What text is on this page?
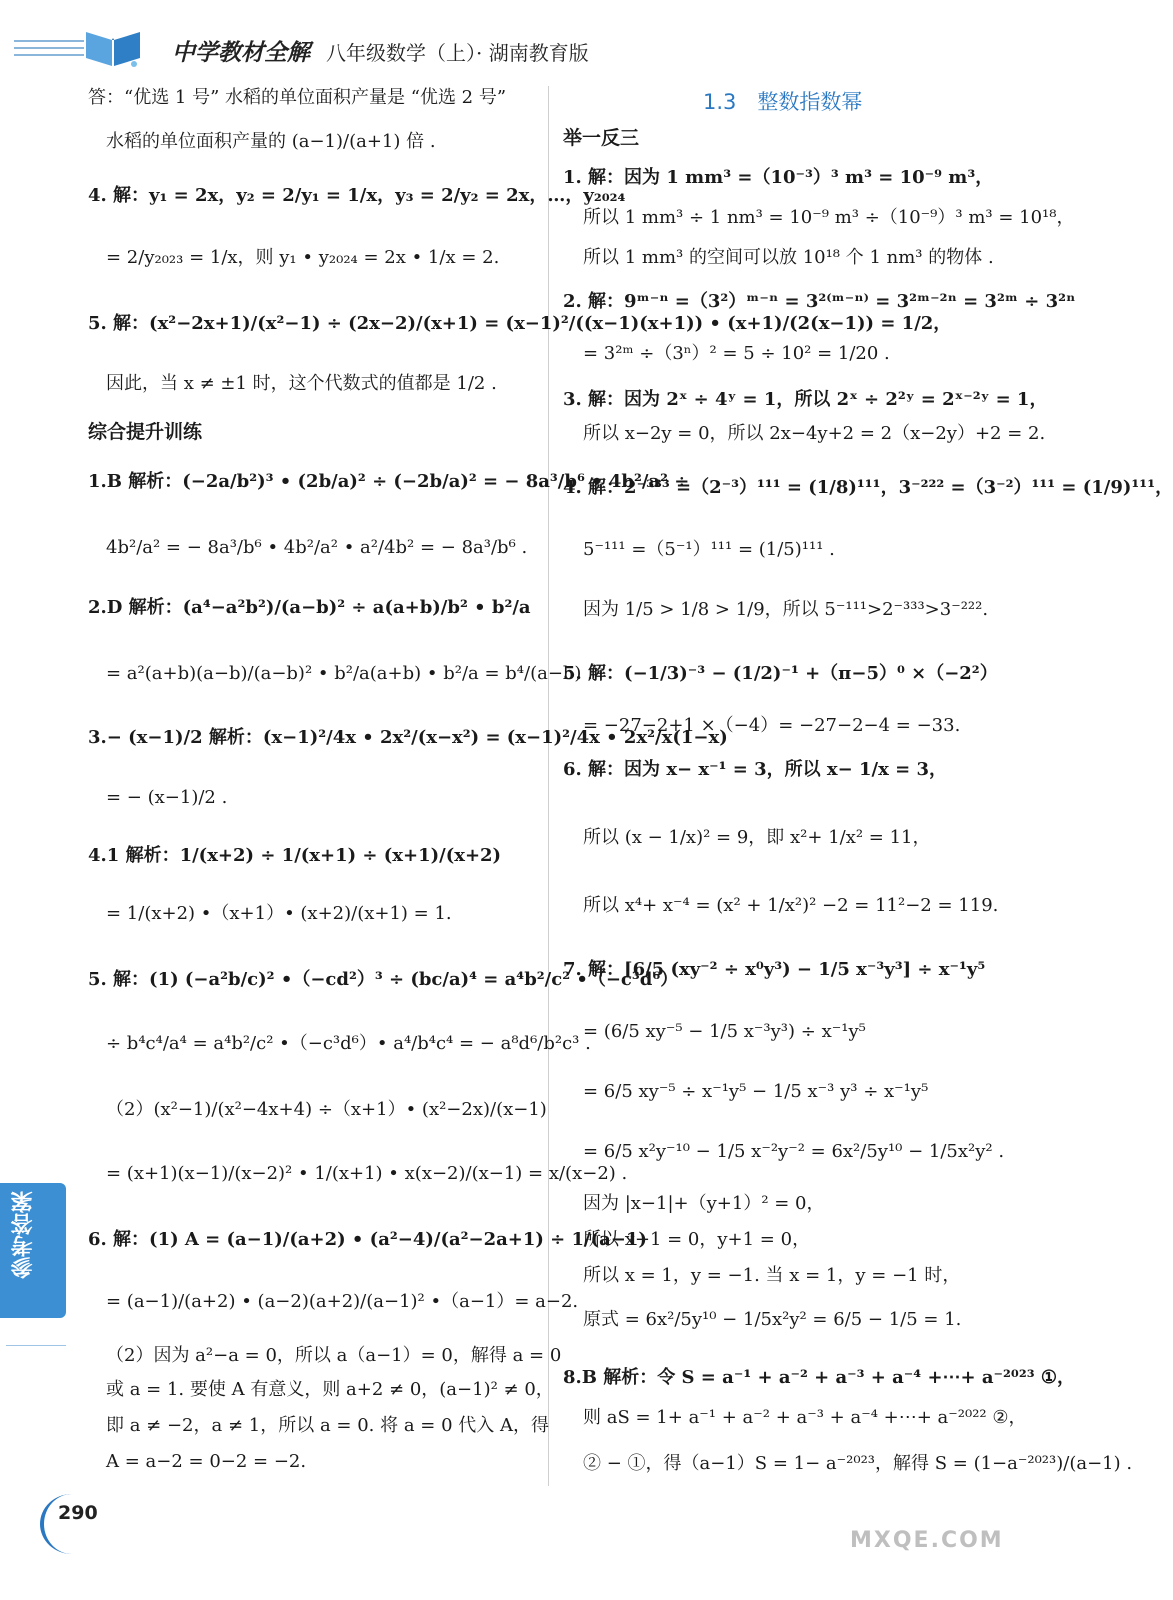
中学教材全解 八年级数学（上）· 湖南教育版
答：“优选 1 号” 水稻的单位面积产量是 “优选 2 号”
水稻的单位面积产量的 (a−1)/(a+1) 倍 .
4. 解：y₁ = 2x，y₂ = 2/y₁ = 1/x，y₃ = 2/y₂ = 2x，…，y₂₀₂₄
= 2/y₂₀₂₃ = 1/x，则 y₁ • y₂₀₂₄ = 2x • 1/x = 2.
5. 解：(x²−2x+1)/(x²−1) ÷ (2x−2)/(x+1) = (x−1)²/((x−1)(x+1)) • (x+1)/(2(x−1)) = 1/2，
因此，当 x ≠ ±1 时，这个代数式的值都是 1/2 .
综合提升训练
1.B 解析：(−2a/b²)³ • (2b/a)² ÷ (−2b/a)² = − 8a³/b⁶ • 4b²/a² ÷
4b²/a² = − 8a³/b⁶ • 4b²/a² • a²/4b² = − 8a³/b⁶ .
2.D 解析：(a⁴−a²b²)/(a−b)² ÷ a(a+b)/b² • b²/a
= a²(a+b)(a−b)/(a−b)² • b²/a(a+b) • b²/a = b⁴/(a−b) .
3.− (x−1)/2 解析：(x−1)²/4x • 2x²/(x−x²) = (x−1)²/4x • 2x²/x(1−x)
= − (x−1)/2 .
4.1 解析：1/(x+2) ÷ 1/(x+1) ÷ (x+1)/(x+2)
= 1/(x+2) •（x+1）• (x+2)/(x+1) = 1.
5. 解：(1) (−a²b/c)² •（−cd²）³ ÷ (bc/a)⁴ = a⁴b²/c² •（−c³d⁶）
÷ b⁴c⁴/a⁴ = a⁴b²/c² •（−c³d⁶）• a⁴/b⁴c⁴ = − a⁸d⁶/b²c³ .
（2）(x²−1)/(x²−4x+4) ÷（x+1）• (x²−2x)/(x−1)
= (x+1)(x−1)/(x−2)² • 1/(x+1) • x(x−2)/(x−1) = x/(x−2) .
6. 解：(1) A = (a−1)/(a+2) • (a²−4)/(a²−2a+1) ÷ 1/(a−1)
= (a−1)/(a+2) • (a−2)(a+2)/(a−1)² •（a−1）= a−2.
（2）因为 a²−a = 0，所以 a（a−1）= 0，解得 a = 0
或 a = 1. 要使 A 有意义，则 a+2 ≠ 0，(a−1)² ≠ 0，
即 a ≠ −2，a ≠ 1，所以 a = 0. 将 a = 0 代入 A，得
A = a−2 = 0−2 = −2.
1.3　整数指数幂
举一反三
1. 解：因为 1 mm³ =（10⁻³）³ m³ = 10⁻⁹ m³，
所以 1 mm³ ÷ 1 nm³ = 10⁻⁹ m³ ÷（10⁻⁹）³ m³ = 10¹⁸，
所以 1 mm³ 的空间可以放 10¹⁸ 个 1 nm³ 的物体 .
2. 解：9ᵐ⁻ⁿ =（3²）ᵐ⁻ⁿ = 3²⁽ᵐ⁻ⁿ⁾ = 3²ᵐ⁻²ⁿ = 3²ᵐ ÷ 3²ⁿ
= 3²ᵐ ÷（3ⁿ）² = 5 ÷ 10² = 1/20 .
3. 解：因为 2ˣ ÷ 4ʸ = 1，所以 2ˣ ÷ 2²ʸ = 2ˣ⁻²ʸ = 1，
所以 x−2y = 0，所以 2x−4y+2 = 2（x−2y）+2 = 2.
4. 解：2⁻³³³ =（2⁻³）¹¹¹ = (1/8)¹¹¹，3⁻²²² =（3⁻²）¹¹¹ = (1/9)¹¹¹，
5⁻¹¹¹ =（5⁻¹）¹¹¹ = (1/5)¹¹¹ .
因为 1/5 > 1/8 > 1/9，所以 5⁻¹¹¹>2⁻³³³>3⁻²²².
5. 解：(−1/3)⁻³ − (1/2)⁻¹ +（π−5）⁰ ×（−2²）
= −27−2+1 ×（−4）= −27−2−4 = −33.
6. 解：因为 x− x⁻¹ = 3，所以 x− 1/x = 3，
所以 (x − 1/x)² = 9，即 x²+ 1/x² = 11，
所以 x⁴+ x⁻⁴ = (x² + 1/x²)² −2 = 11²−2 = 119.
7. 解：[6/5 (xy⁻² ÷ x⁰y³) − 1/5 x⁻³y³] ÷ x⁻¹y⁵
= (6/5 xy⁻⁵ − 1/5 x⁻³y³) ÷ x⁻¹y⁵
= 6/5 xy⁻⁵ ÷ x⁻¹y⁵ − 1/5 x⁻³ y³ ÷ x⁻¹y⁵
= 6/5 x²y⁻¹⁰ − 1/5 x⁻²y⁻² = 6x²/5y¹⁰ − 1/5x²y² .
因为 |x−1|+（y+1）² = 0，
所以 x−1 = 0，y+1 = 0，
所以 x = 1，y = −1. 当 x = 1，y = −1 时，
原式 = 6x²/5y¹⁰ − 1/5x²y² = 6/5 − 1/5 = 1.
8.B 解析：令 S = a⁻¹ + a⁻² + a⁻³ + a⁻⁴ +⋯+ a⁻²⁰²³ ①，
则 aS = 1+ a⁻¹ + a⁻² + a⁻³ + a⁻⁴ +⋯+ a⁻²⁰²² ②，
② − ①，得（a−1）S = 1− a⁻²⁰²³，解得 S = (1−a⁻²⁰²³)/(a−1) .
参考答案
290
MXQE.COM
